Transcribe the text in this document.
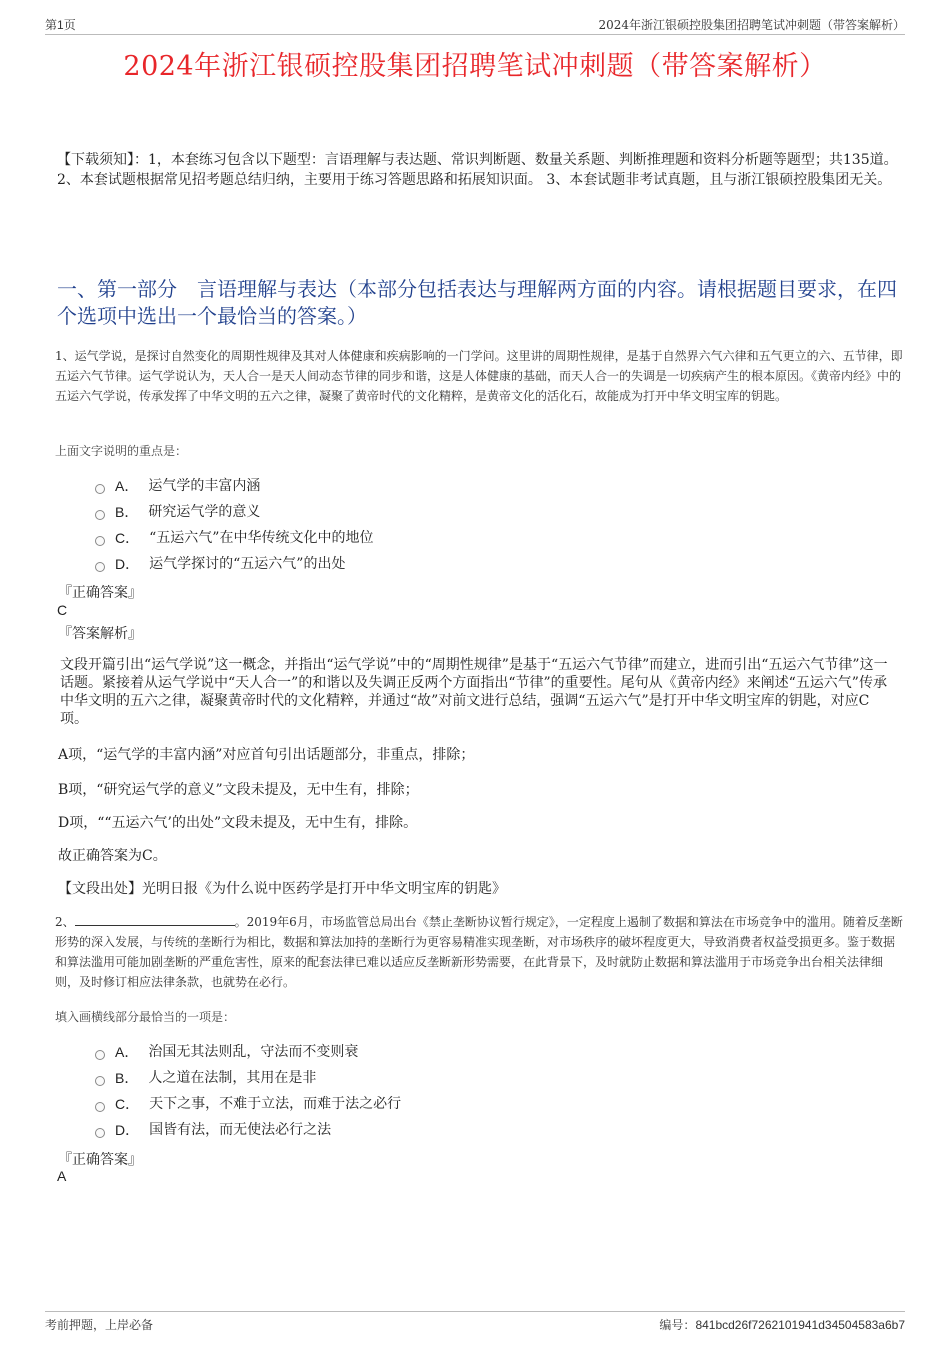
第1页	2024年浙江银硕控股集团招聘笔试冲刺题（带答案解析）
2024年浙江银硕控股集团招聘笔试冲刺题（带答案解析）
【下载须知】：1，本套练习包含以下题型：言语理解与表达题、常识判断题、数量关系题、判断推理题和资料分析题等题型；共135道。 2、本套试题根据常见招考题总结归纳，主要用于练习答题思路和拓展知识面。 3、本套试题非考试真题，且与浙江银硕控股集团无关。
一、第一部分　言语理解与表达（本部分包括表达与理解两方面的内容。请根据题目要求，在四个选项中选出一个最恰当的答案。）
1、运气学说，是探讨自然变化的周期性规律及其对人体健康和疾病影响的一门学问。这里讲的周期性规律，是基于自然界六气六律和五气更立的六、五节律，即五运六气节律。运气学说认为，天人合一是天人间动态节律的同步和谐，这是人体健康的基础，而天人合一的失调是一切疾病产生的根本原因。《黄帝内经》中的五运六气学说，传承发挥了中华文明的五六之律，凝聚了黄帝时代的文化精粹，是黄帝文化的活化石，故能成为打开中华文明宝库的钥匙。
上面文字说明的重点是：
A． 运气学的丰富内涵
B． 研究运气学的意义
C． “五运六气”在中华传统文化中的地位
D． 运气学探讨的“五运六气”的出处
『正确答案』
C
『答案解析』
文段开篇引出“运气学说”这一概念，并指出“运气学说”中的“周期性规律”是基于“五运六气节律”而建立，进而引出“五运六气节律”这一话题。紧接着从运气学说中“天人合一”的和谐以及失调正反两个方面指出“节律”的重要性。尾句从《黄帝内经》来阐述“五运六气”传承中华文明的五六之律，凝聚黄帝时代的文化精粹，并通过“故”对前文进行总结，强调“五运六气”是打开中华文明宝库的钥匙，对应C项。
A项，“运气学的丰富内涵”对应首句引出话题部分，非重点，排除；
B项，“研究运气学的意义”文段未提及，无中生有，排除；
D项，““五运六气’的出处”文段未提及，无中生有，排除。
故正确答案为C。
【文段出处】光明日报《为什么说中医药学是打开中华文明宝库的钥匙》
2、	。2019年6月，市场监管总局出台《禁止垄断协议暂行规定》，一定程度上遏制了数据和算法在市场竞争中的滥用。随着反垄断形势的深入发展，与传统的垄断行为相比，数据和算法加持的垄断行为更容易精准实现垄断，对市场秩序的破坏程度更大，导致消费者权益受损更多。鉴于数据和算法滥用可能加剧垄断的严重危害性，原来的配套法律已难以适应反垄断新形势需要，在此背景下，及时就防止数据和算法滥用于市场竞争出台相关法律细则，及时修订相应法律条款，也就势在必行。
填入画横线部分最恰当的一项是：
A． 治国无其法则乱，守法而不变则衰
B． 人之道在法制，其用在是非
C． 天下之事，不难于立法，而难于法之必行
D． 国皆有法，而无使法必行之法
『正确答案』
A
考前押题，上岸必备	编号：841bcd26f7262101941d34504583a6b7
